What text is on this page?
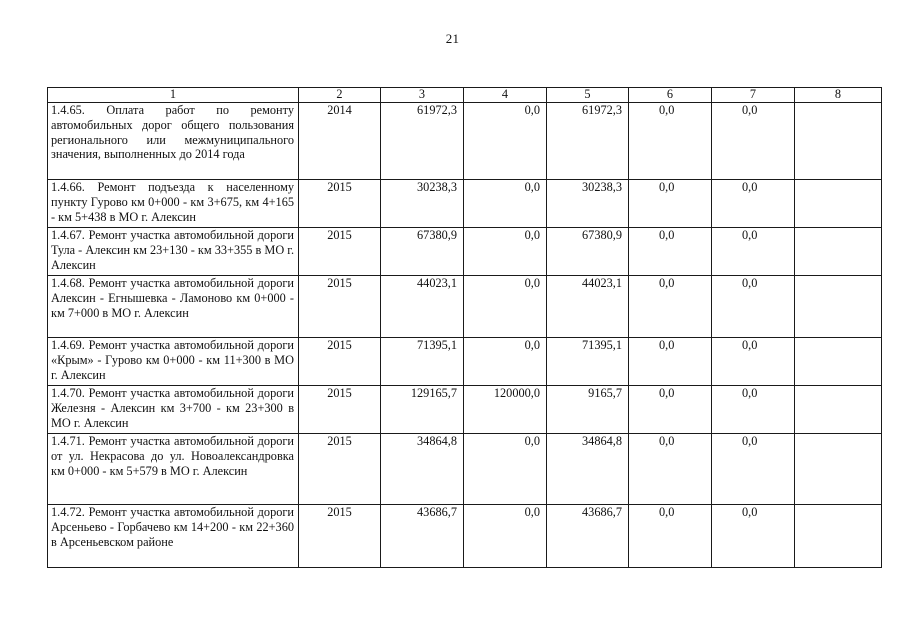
21
1	2	3	4	5	6	7	8
1.4.65. Оплата работ по ремонту автомобильных дорог общего пользования регионального или межмуниципального значения, выполненных до 2014 года	2014	61972,3	0,0	61972,3	0,0	0,0	
1.4.66. Ремонт подъезда к населенному пункту Гурово км 0+000 - км 3+675, км 4+165 - км 5+438 в МО г. Алексин	2015	30238,3	0,0	30238,3	0,0	0,0	
1.4.67. Ремонт участка автомобильной дороги Тула - Алексин км 23+130 - км 33+355 в МО г. Алексин	2015	67380,9	0,0	67380,9	0,0	0,0	
1.4.68. Ремонт участка автомобильной дороги Алексин - Егнышевка - Ламоново км 0+000 - км 7+000 в МО г. Алексин	2015	44023,1	0,0	44023,1	0,0	0,0	
1.4.69. Ремонт участка автомобильной дороги «Крым» - Гурово км 0+000 - км 11+300 в МО г. Алексин	2015	71395,1	0,0	71395,1	0,0	0,0	
1.4.70. Ремонт участка автомобильной дороги Железня - Алексин км 3+700 - км 23+300 в МО г. Алексин	2015	129165,7	120000,0	9165,7	0,0	0,0	
1.4.71. Ремонт участка автомобильной дороги от ул. Некрасова до ул. Новоалександровка км 0+000 - км 5+579 в МО г. Алексин	2015	34864,8	0,0	34864,8	0,0	0,0	
1.4.72. Ремонт участка автомобильной дороги Арсеньево - Горбачево км 14+200 - км 22+360 в Арсеньевском районе	2015	43686,7	0,0	43686,7	0,0	0,0	
